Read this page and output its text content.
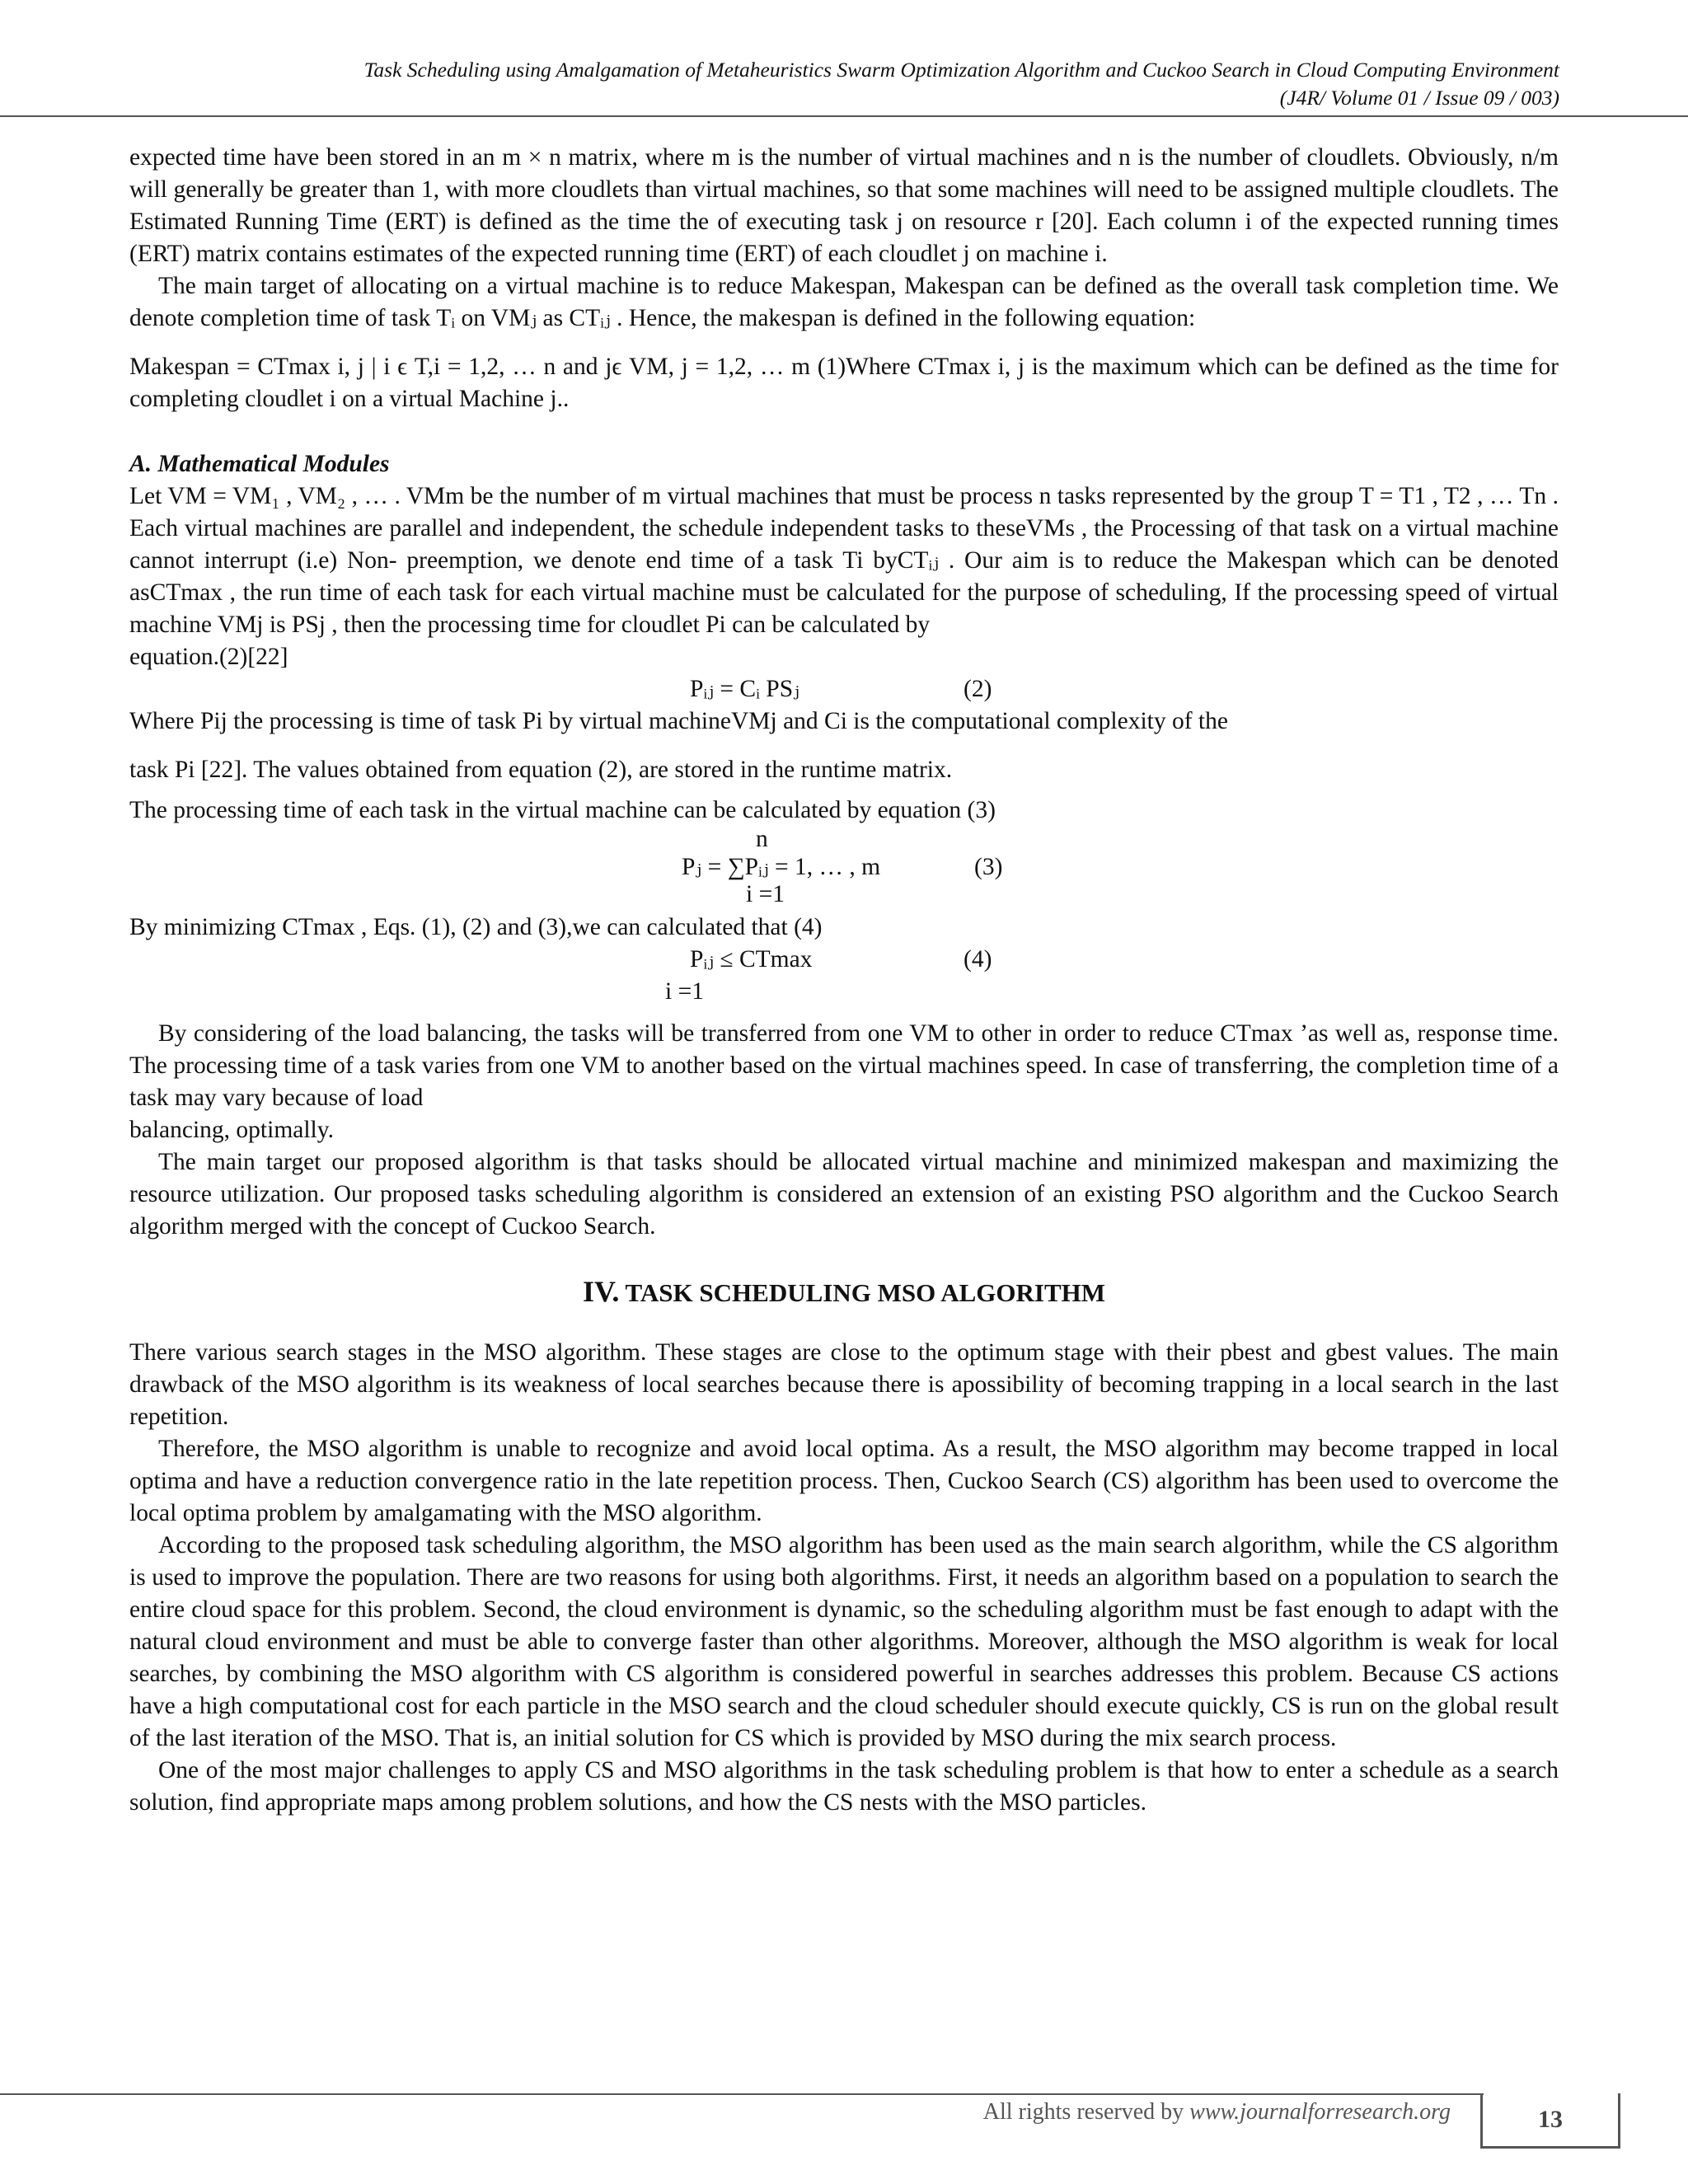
Task Scheduling using Amalgamation of Metaheuristics Swarm Optimization Algorithm and Cuckoo Search in Cloud Computing Environment
(J4R/ Volume 01 / Issue 09 / 003)

expected time have been stored in an m × n matrix, where m is the number of virtual machines and n is the number of cloudlets. Obviously, n/m will generally be greater than 1, with more cloudlets than virtual machines, so that some machines will need to be assigned multiple cloudlets. The Estimated Running Time (ERT) is defined as the time the of executing task j on resource r [20]. Each column i of the expected running times (ERT) matrix contains estimates of the expected running time (ERT) of each cloudlet j on machine i.

The main target of allocating on a virtual machine is to reduce Makespan, Makespan can be defined as the overall task completion time. We denote completion time of task Tᵢ on VMⱼ as CTᵢⱼ . Hence, the makespan is defined in the following equation:

Makespan = CTmax i, j | i ϵ T,i = 1,2, … n and jϵ VM, j = 1,2, … m (1)Where CTmax i, j is the maximum which can be defined as the time for completing cloudlet i on a virtual Machine j..

A. Mathematical Modules

Let VM = VM₁ , VM₂ , … . VMm be the number of m virtual machines that must be process n tasks represented by the group T = T1 , T2 , … Tn . Each virtual machines are parallel and independent, the schedule independent tasks to theseVMs , the Processing of that task on a virtual machine cannot interrupt (i.e) Non- preemption, we denote end time of a task Ti byCTᵢⱼ . Our aim is to reduce the Makespan which can be denoted asCTmax , the run time of each task for each virtual machine must be calculated for the purpose of scheduling, If the processing speed of virtual machine VMj is PSj , then the processing time for cloudlet Pi can be calculated by

equation.(2)[22]

Pᵢⱼ = Cᵢ PSⱼ	(2)

Where Pij the processing is time of task Pi by virtual machineVMj and Ci is the computational complexity of the

task Pi [22]. The values obtained from equation (2), are stored in the runtime matrix.

The processing time of each task in the virtual machine can be calculated by equation (3)

n
Pⱼ = ∑Pᵢⱼ = 1, … , m	(3)
i =1

By minimizing CTmax , Eqs. (1), (2) and (3),we can calculated that (4)

Pᵢⱼ ≤ CTmax	(4)
i =1

By considering of the load balancing, the tasks will be transferred from one VM to other in order to reduce CTmax ’as well as, response time. The processing time of a task varies from one VM to another based on the virtual machines speed. In case of transferring, the completion time of a task may vary because of load

balancing, optimally.

The main target our proposed algorithm is that tasks should be allocated virtual machine and minimized makespan and maximizing the resource utilization. Our proposed tasks scheduling algorithm is considered an extension of an existing PSO algorithm and the Cuckoo Search algorithm merged with the concept of Cuckoo Search.

IV. TASK SCHEDULING MSO ALGORITHM

There various search stages in the MSO algorithm. These stages are close to the optimum stage with their pbest and gbest values. The main drawback of the MSO algorithm is its weakness of local searches because there is apossibility of becoming trapping in a local search in the last repetition.

Therefore, the MSO algorithm is unable to recognize and avoid local optima. As a result, the MSO algorithm may become trapped in local optima and have a reduction convergence ratio in the late repetition process. Then, Cuckoo Search (CS) algorithm has been used to overcome the local optima problem by amalgamating with the MSO algorithm.

According to the proposed task scheduling algorithm, the MSO algorithm has been used as the main search algorithm, while the CS algorithm is used to improve the population. There are two reasons for using both algorithms. First, it needs an algorithm based on a population to search the entire cloud space for this problem. Second, the cloud environment is dynamic, so the scheduling algorithm must be fast enough to adapt with the natural cloud environment and must be able to converge faster than other algorithms. Moreover, although the MSO algorithm is weak for local searches, by combining the MSO algorithm with CS algorithm is considered powerful in searches addresses this problem. Because CS actions have a high computational cost for each particle in the MSO search and the cloud scheduler should execute quickly, CS is run on the global result of the last iteration of the MSO. That is, an initial solution for CS which is provided by MSO during the mix search process.

One of the most major challenges to apply CS and MSO algorithms in the task scheduling problem is that how to enter a schedule as a search solution, find appropriate maps among problem solutions, and how the CS nests with the MSO particles.

All rights reserved by www.journalforresearch.org	13
